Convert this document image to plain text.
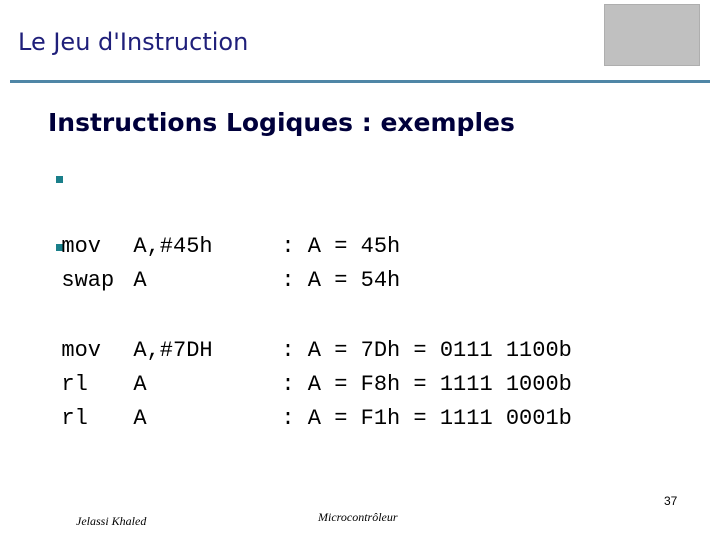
Le Jeu d'Instruction
Instructions Logiques : exemples

mov A,#45h	: A = 45h

swap A	: A = 54h

mov A,#7DH	: A = 7Dh = 0111 1100b

rl A	: A = F8h = 1111 1000b

rl A	: A = F1h = 1111 0001b

37
Jelassi Khaled	Microcontrôleur
